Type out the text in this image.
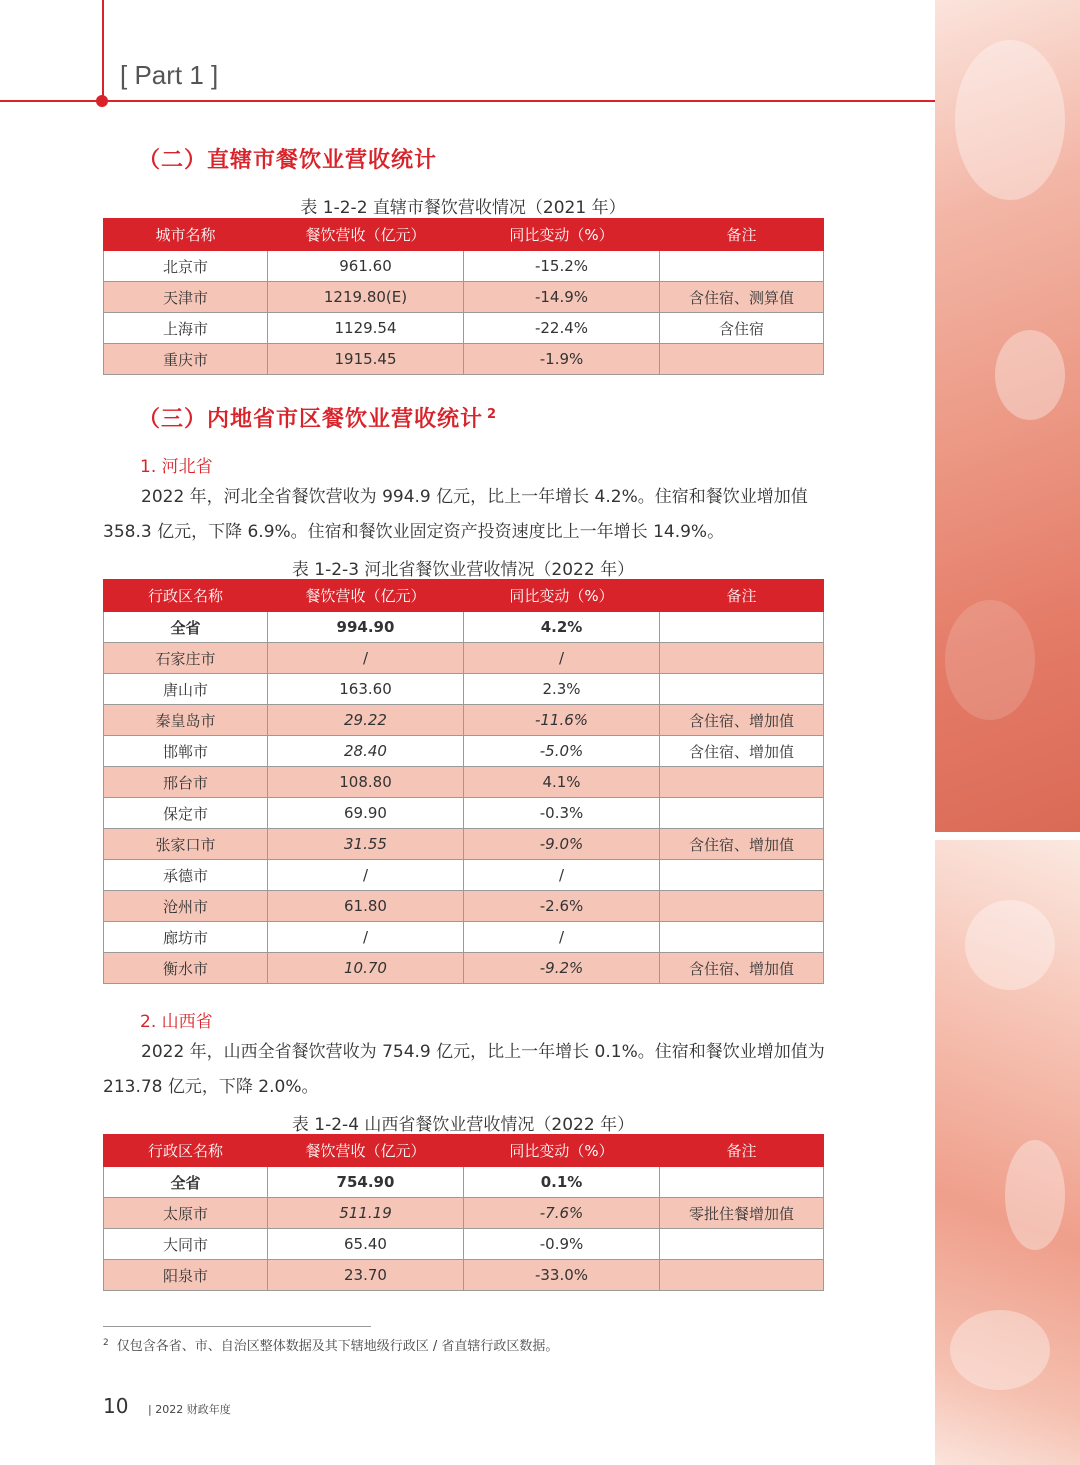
[ Part 1 ]
（二）直辖市餐饮业营收统计
表 1-2-2 直辖市餐饮营收情况（2021 年）
城市名称	餐饮营收（亿元）	同比变动（%）	备注
北京市	961.60	-15.2%	
天津市	1219.80(E)	-14.9%	含住宿、测算值
上海市	1129.54	-22.4%	含住宿
重庆市	1915.45	-1.9%	
（三）内地省市区餐饮业营收统计 $^2$
1. 河北省
2022 年，河北全省餐饮营收为 994.9 亿元，比上一年增长 4.2%。住宿和餐饮业增加值 358.3 亿元，下降 6.9%。住宿和餐饮业固定资产投资速度比上一年增长 14.9%。
表 1-2-3 河北省餐饮业营收情况（2022 年）
行政区名称	餐饮营收（亿元）	同比变动（%）	备注
全省	994.90	4.2%	
石家庄市	/	/	
唐山市	163.60	2.3%	
秦皇岛市	29.22	-11.6%	含住宿、增加值
邯郸市	28.40	-5.0%	含住宿、增加值
邢台市	108.80	4.1%	
保定市	69.90	-0.3%	
张家口市	31.55	-9.0%	含住宿、增加值
承德市	/	/	
沧州市	61.80	-2.6%	
廊坊市	/	/	
衡水市	10.70	-9.2%	含住宿、增加值
2. 山西省
2022 年，山西全省餐饮营收为 754.9 亿元，比上一年增长 0.1%。住宿和餐饮业增加值为 213.78 亿元，下降 2.0%。
表 1-2-4 山西省餐饮业营收情况（2022 年）
行政区名称	餐饮营收（亿元）	同比变动（%）	备注
全省	754.90	0.1%	
太原市	511.19	-7.6%	零批住餐增加值
大同市	65.40	-0.9%	
阳泉市	23.70	-33.0%	
$^2$ 仅包含各省、市、自治区整体数据及其下辖地级行政区 / 省直辖行政区数据。
10 | 2022 财政年度
